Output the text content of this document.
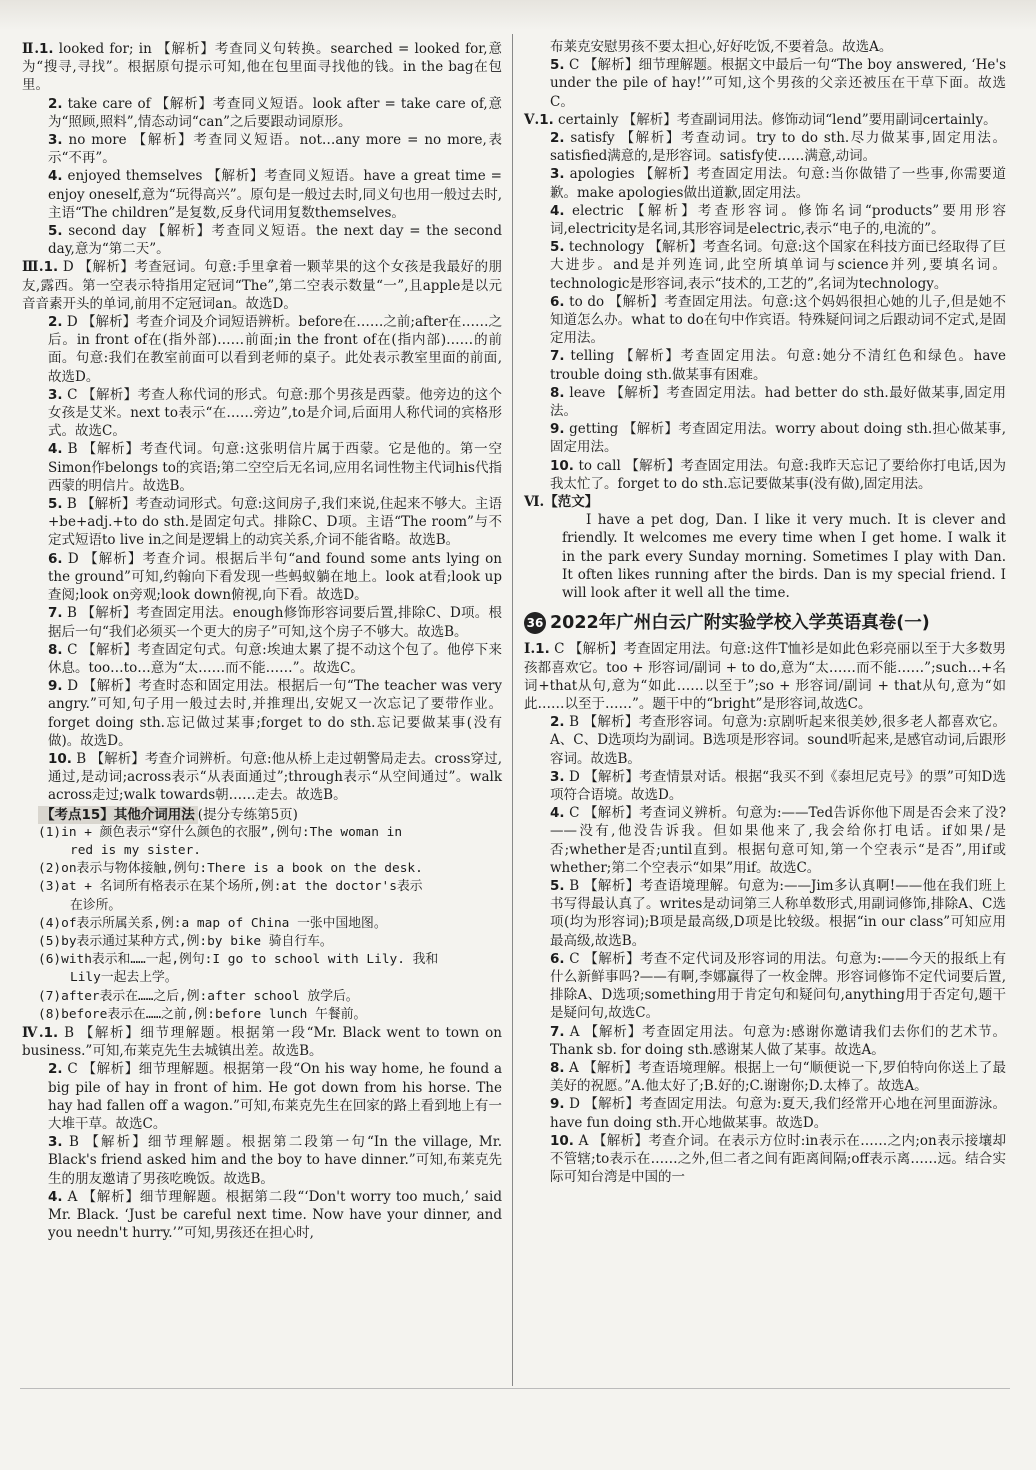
Ⅱ.1. looked for; in 【解析】考查同义句转换。searched = looked for,意为“搜寻,寻找”。根据原句提示可知,他在包里面寻找他的钱。in the bag在包里。
2. take care of 【解析】考查同义短语。look after = take care of,意为“照顾,照料”,情态动词“can”之后要跟动词原形。
3. no more 【解析】考查同义短语。not…any more = no more,表示“不再”。
4. enjoyed themselves 【解析】考查同义短语。have a great time = enjoy oneself,意为“玩得高兴”。原句是一般过去时,同义句也用一般过去时,主语“The children”是复数,反身代词用复数themselves。
5. second day 【解析】考查同义短语。the next day = the second day,意为“第二天”。
Ⅲ.1. D 【解析】考查冠词。句意:手里拿着一颗苹果的这个女孩是我最好的朋友,露西。第一空表示特指用定冠词“The”,第二空表示数量“一”,且apple是以元音音素开头的单词,前用不定冠词an。故选D。
2. D 【解析】考查介词及介词短语辨析。before在……之前;after在……之后。in front of在(指外部)……前面;in the front of在(指内部)……的前面。句意:我们在教室前面可以看到老师的桌子。此处表示教室里面的前面,故选D。
3. C 【解析】考查人称代词的形式。句意:那个男孩是西蒙。他旁边的这个女孩是艾米。next to表示“在……旁边”,to是介词,后面用人称代词的宾格形式。故选C。
4. B 【解析】考查代词。句意:这张明信片属于西蒙。它是他的。第一空Simon作belongs to的宾语;第二空空后无名词,应用名词性物主代词his代指西蒙的明信片。故选B。
5. B 【解析】考查动词形式。句意:这间房子,我们来说,住起来不够大。主语+be+adj.+to do sth.是固定句式。排除C、D项。主语“The room”与不定式短语to live in之间是逻辑上的动宾关系,介词不能省略。故选B。
6. D 【解析】考查介词。根据后半句“and found some ants lying on the ground”可知,约翰向下看发现一些蚂蚁躺在地上。look at看;look up查阅;look on旁观;look down俯视,向下看。故选D。
7. B 【解析】考查固定用法。enough修饰形容词要后置,排除C、D项。根据后一句“我们必须买一个更大的房子”可知,这个房子不够大。故选B。
8. C 【解析】考查固定句式。句意:埃迪太累了提不动这个包了。他停下来休息。too…to…意为“太……而不能……”。故选C。
9. D 【解析】考查时态和固定用法。根据后一句“The teacher was very angry.”可知,句子用一般过去时,并推理出,安妮又一次忘记了要带作业。forget doing sth.忘记做过某事;forget to do sth.忘记要做某事(没有做)。故选D。
10. B 【解析】考查介词辨析。句意:他从桥上走过朝警局走去。cross穿过,通过,是动词;across表示“从表面通过”;through表示“从空间通过”。walk across走过;walk towards朝……走去。故选B。
【考点15】其他介词用法 (提分专练第5页)
(1)in + 颜色表示“穿什么颜色的衣服”,例句:The woman in
red is my sister.
(2)on表示与物体接触,例句:There is a book on the desk.
(3)at + 名词所有格表示在某个场所,例:at the doctor's表示
在诊所。
(4)of表示所属关系,例:a map of China 一张中国地图。
(5)by表示通过某种方式,例:by bike 骑自行车。
(6)with表示和……一起,例句:I go to school with Lily. 我和
Lily一起去上学。
(7)after表示在……之后,例:after school 放学后。
(8)before表示在……之前,例:before lunch 午餐前。
Ⅳ.1. B 【解析】细节理解题。根据第一段“Mr. Black went to town on business.”可知,布莱克先生去城镇出差。故选B。
2. C 【解析】细节理解题。根据第一段“On his way home, he found a big pile of hay in front of him. He got down from his horse. The hay had fallen off a wagon.”可知,布莱克先生在回家的路上看到地上有一大堆干草。故选C。
3. B 【解析】细节理解题。根据第二段第一句“In the village, Mr. Black's friend asked him and the boy to have dinner.”可知,布莱克先生的朋友邀请了男孩吃晚饭。故选B。
4. A 【解析】细节理解题。根据第二段“‘Don't worry too much,’ said Mr. Black. ‘Just be careful next time. Now have your dinner, and you needn't hurry.’”可知,男孩还在担心时,
布莱克安慰男孩不要太担心,好好吃饭,不要着急。故选A。
5. C 【解析】细节理解题。根据文中最后一句“The boy answered, ‘He's under the pile of hay!’”可知,这个男孩的父亲还被压在干草下面。故选C。
Ⅴ.1. certainly 【解析】考查副词用法。修饰动词“lend”要用副词certainly。
2. satisfy 【解析】考查动词。try to do sth.尽力做某事,固定用法。satisfied满意的,是形容词。satisfy使……满意,动词。
3. apologies 【解析】考查固定用法。句意:当你做错了一些事,你需要道歉。make apologies做出道歉,固定用法。
4. electric 【解析】考查形容词。修饰名词“products”要用形容词,electricity是名词,其形容词是electric,表示“电子的,电流的”。
5. technology 【解析】考查名词。句意:这个国家在科技方面已经取得了巨大进步。and是并列连词,此空所填单词与science并列,要填名词。technologic是形容词,表示“技术的,工艺的”,名词为technology。
6. to do 【解析】考查固定用法。句意:这个妈妈很担心她的儿子,但是她不知道怎么办。what to do在句中作宾语。特殊疑问词之后跟动词不定式,是固定用法。
7. telling 【解析】考查固定用法。句意:她分不清红色和绿色。have trouble doing sth.做某事有困难。
8. leave 【解析】考查固定用法。had better do sth.最好做某事,固定用法。
9. getting 【解析】考查固定用法。worry about doing sth.担心做某事,固定用法。
10. to call 【解析】考查固定用法。句意:我昨天忘记了要给你打电话,因为我太忙了。forget to do sth.忘记要做某事(没有做),固定用法。
Ⅵ.【范文】
I have a pet dog, Dan. I like it very much. It is clever and friendly. It welcomes me every time when I get home. I walk it in the park every Sunday morning. Sometimes I play with Dan. It often likes running after the birds. Dan is my special friend. I will look after it well all the time.
36 2022年广州白云广附实验学校入学英语真卷(一)
Ⅰ.1. C 【解析】考查固定用法。句意:这件T恤衫是如此色彩亮丽以至于大多数男孩都喜欢它。too + 形容词/副词 + to do,意为“太……而不能……”;such…+名词+that从句,意为“如此……以至于”;so + 形容词/副词 + that从句,意为“如此……以至于……”。题干中的“bright”是形容词,故选C。
2. B 【解析】考查形容词。句意为:京剧听起来很美妙,很多老人都喜欢它。A、C、D选项均为副词。B选项是形容词。sound听起来,是感官动词,后跟形容词。故选B。
3. D 【解析】考查情景对话。根据“我买不到《泰坦尼克号》的票”可知D选项符合语境。故选D。
4. C 【解析】考查词义辨析。句意为:——Ted告诉你他下周是否会来了没?——没有,他没告诉我。但如果他来了,我会给你打电话。if如果/是否;whether是否;until直到。根据句意可知,第一个空表示“是否”,用if或whether;第二个空表示“如果”用if。故选C。
5. B 【解析】考查语境理解。句意为:——Jim多认真啊!——他在我们班上书写得最认真了。writes是动词第三人称单数形式,用副词修饰,排除A、C选项(均为形容词);B项是最高级,D项是比较级。根据“in our class”可知应用最高级,故选B。
6. C 【解析】考查不定代词及形容词的用法。句意为:——今天的报纸上有什么新鲜事吗?——有啊,李娜赢得了一枚金牌。形容词修饰不定代词要后置,排除A、D选项;something用于肯定句和疑问句,anything用于否定句,题干是疑问句,故选C。
7. A 【解析】考查固定用法。句意为:感谢你邀请我们去你们的艺术节。Thank sb. for doing sth.感谢某人做了某事。故选A。
8. A 【解析】考查语境理解。根据上一句“顺便说一下,罗伯特向你送上了最美好的祝愿。”A.他太好了;B.好的;C.谢谢你;D.太棒了。故选A。
9. D 【解析】考查固定用法。句意为:夏天,我们经常开心地在河里面游泳。have fun doing sth.开心地做某事。故选D。
10. A 【解析】考查介词。在表示方位时:in表示在……之内;on表示接壤却不管辖;to表示在……之外,但二者之间有距离间隔;off表示离……远。结合实际可知台湾是中国的一
